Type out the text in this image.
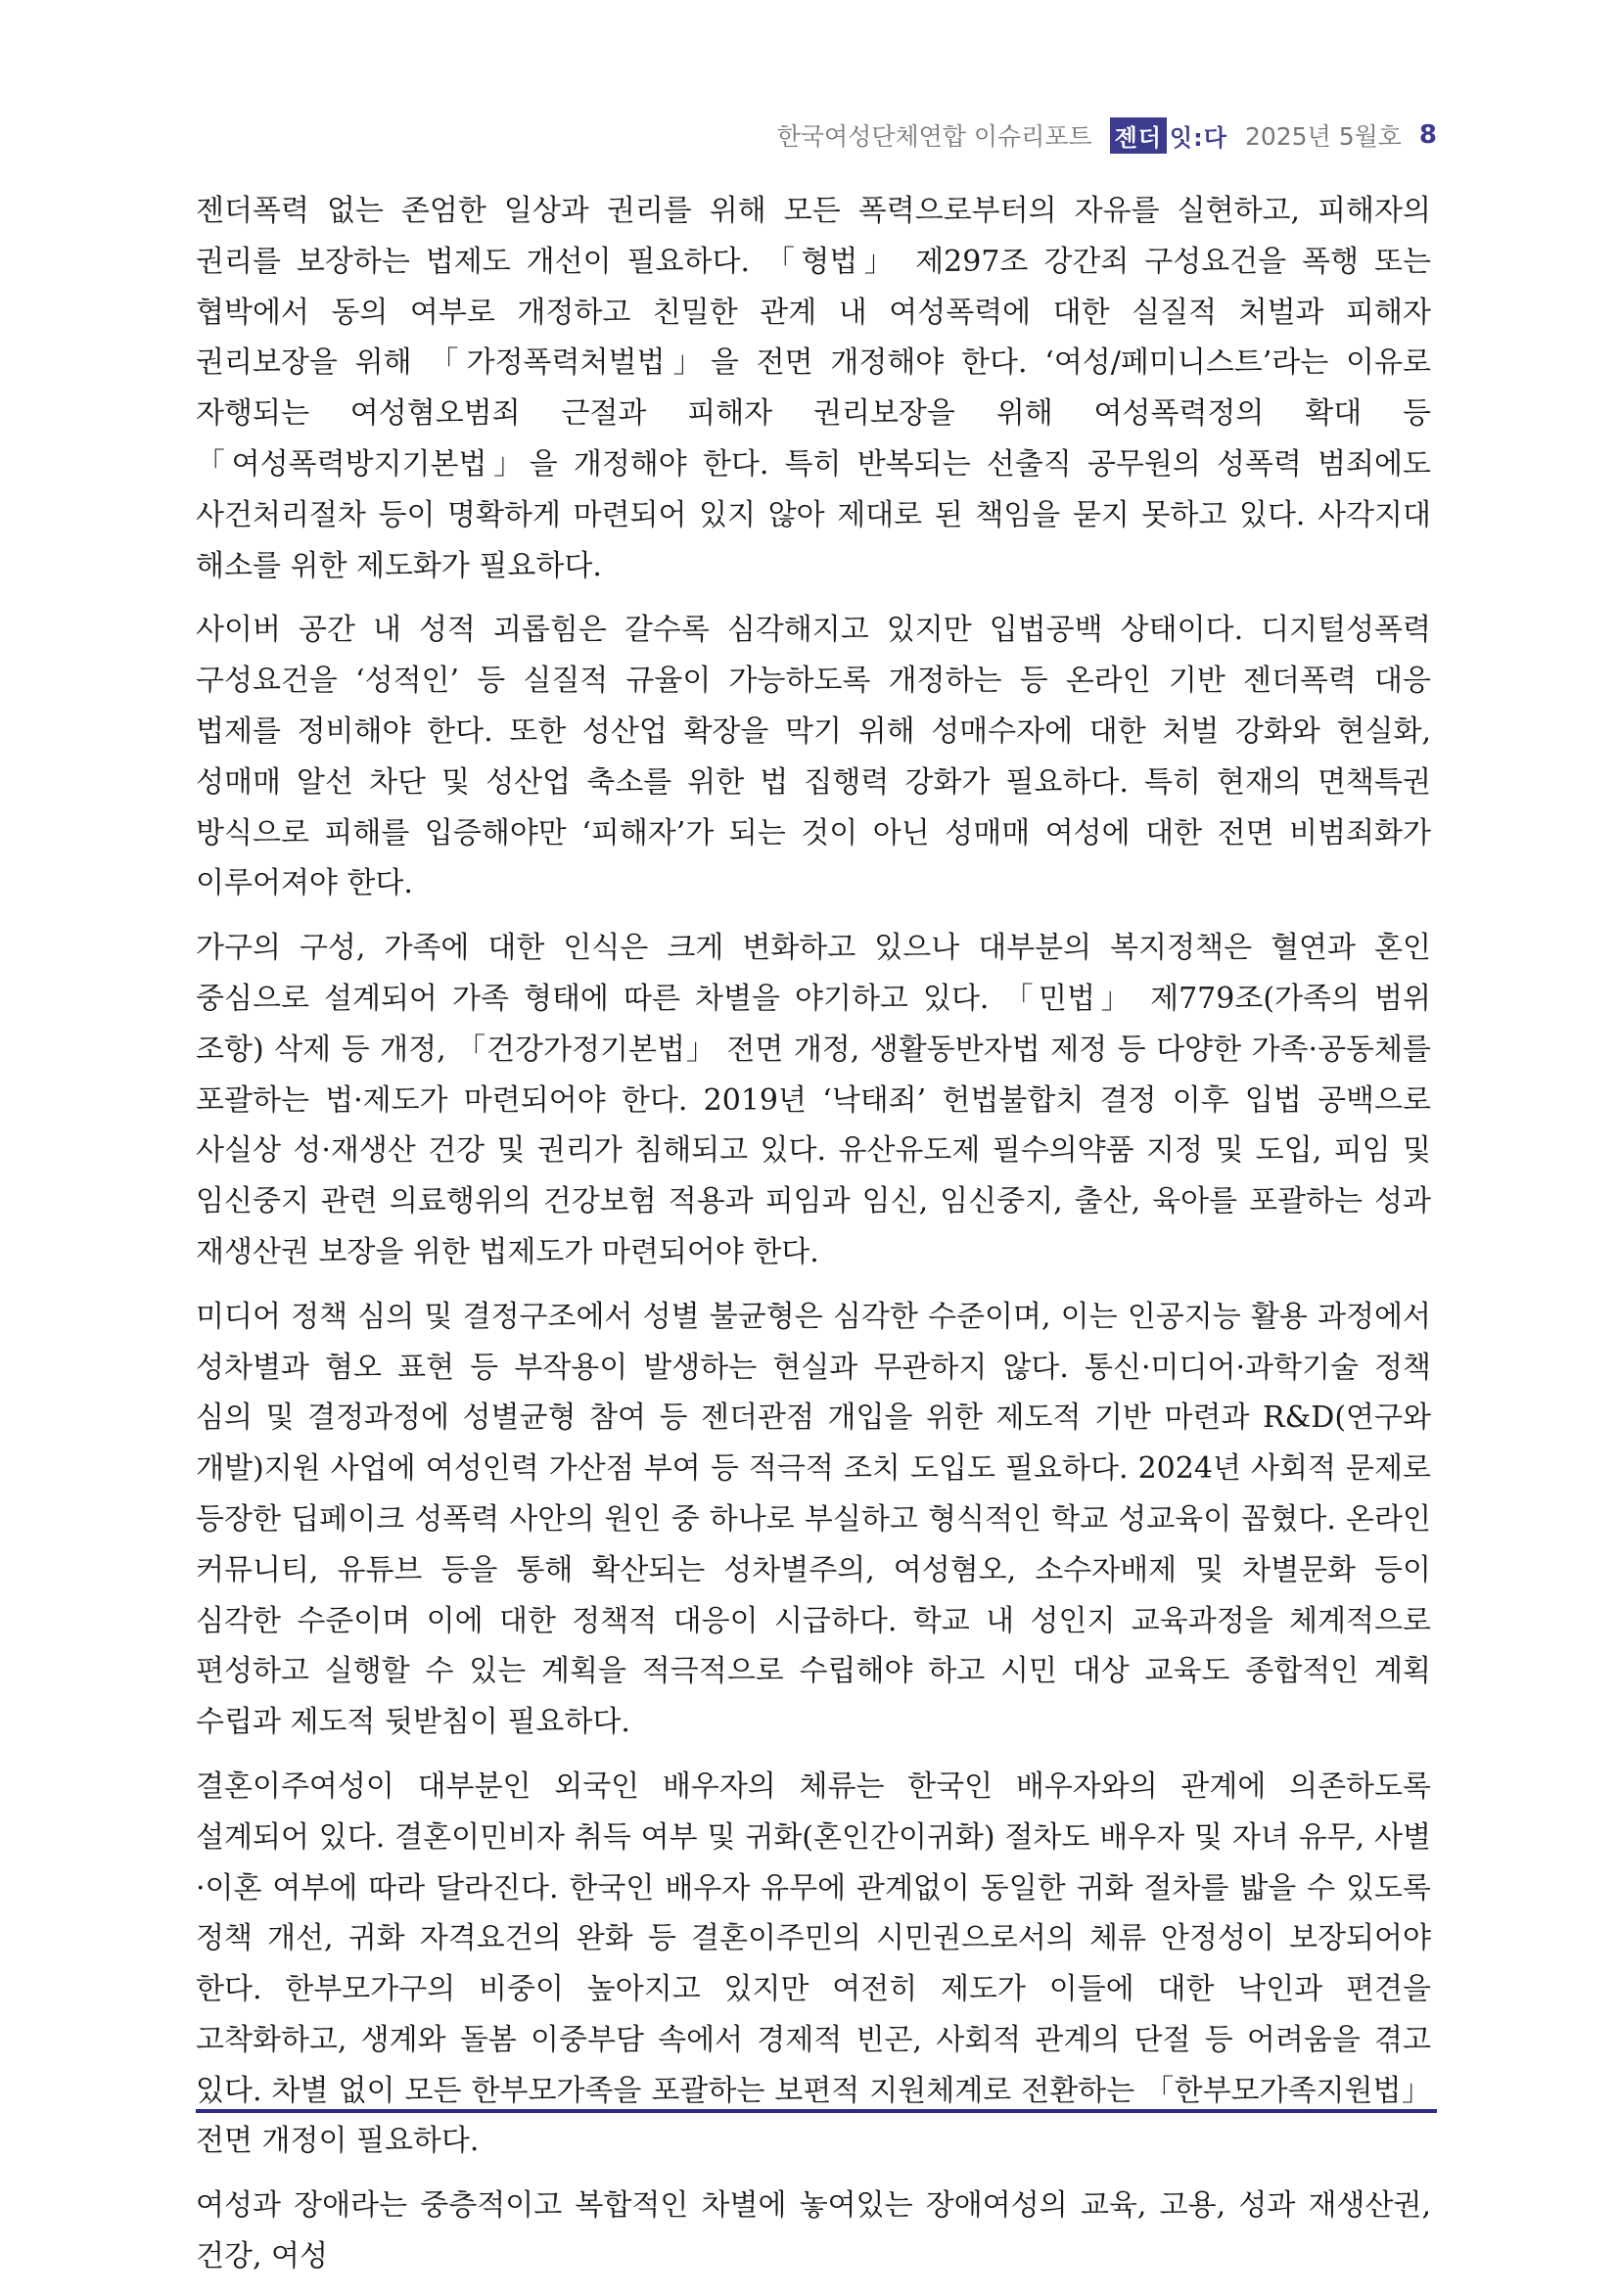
한국여성단체연합 이슈리포트 젠더 잇:다 2025년 5월호 8

젠더폭력 없는 존엄한 일상과 권리를 위해 모든 폭력으로부터의 자유를 실현하고, 피해자의 권리를 보장하는 법제도 개선이 필요하다. 「형법」 제297조 강간죄 구성요건을 폭행 또는 협박에서 동의 여부로 개정하고 친밀한 관계 내 여성폭력에 대한 실질적 처벌과 피해자 권리보장을 위해 「가정폭력처벌법」을 전면 개정해야 한다. ‘여성/페미니스트’라는 이유로 자행되는 여성혐오범죄 근절과 피해자 권리보장을 위해 여성폭력정의 확대 등 「여성폭력방지기본법」을 개정해야 한다. 특히 반복되는 선출직 공무원의 성폭력 범죄에도 사건처리절차 등이 명확하게 마련되어 있지 않아 제대로 된 책임을 묻지 못하고 있다. 사각지대 해소를 위한 제도화가 필요하다.

사이버 공간 내 성적 괴롭힘은 갈수록 심각해지고 있지만 입법공백 상태이다. 디지털성폭력 구성요건을 ‘성적인’ 등 실질적 규율이 가능하도록 개정하는 등 온라인 기반 젠더폭력 대응 법제를 정비해야 한다. 또한 성산업 확장을 막기 위해 성매수자에 대한 처벌 강화와 현실화, 성매매 알선 차단 및 성산업 축소를 위한 법 집행력 강화가 필요하다. 특히 현재의 면책특권 방식으로 피해를 입증해야만 ‘피해자’가 되는 것이 아닌 성매매 여성에 대한 전면 비범죄화가 이루어져야 한다.

가구의 구성, 가족에 대한 인식은 크게 변화하고 있으나 대부분의 복지정책은 혈연과 혼인 중심으로 설계되어 가족 형태에 따른 차별을 야기하고 있다. 「민법」 제779조(가족의 범위 조항) 삭제 등 개정, 「건강가정기본법」 전면 개정, 생활동반자법 제정 등 다양한 가족·공동체를 포괄하는 법·제도가 마련되어야 한다. 2019년 ‘낙태죄’ 헌법불합치 결정 이후 입법 공백으로 사실상 성·재생산 건강 및 권리가 침해되고 있다. 유산유도제 필수의약품 지정 및 도입, 피임 및 임신중지 관련 의료행위의 건강보험 적용과 피임과 임신, 임신중지, 출산, 육아를 포괄하는 성과 재생산권 보장을 위한 법제도가 마련되어야 한다.

미디어 정책 심의 및 결정구조에서 성별 불균형은 심각한 수준이며, 이는 인공지능 활용 과정에서 성차별과 혐오 표현 등 부작용이 발생하는 현실과 무관하지 않다. 통신·미디어·과학기술 정책 심의 및 결정과정에 성별균형 참여 등 젠더관점 개입을 위한 제도적 기반 마련과 R&D(연구와 개발)지원 사업에 여성인력 가산점 부여 등 적극적 조치 도입도 필요하다. 2024년 사회적 문제로 등장한 딥페이크 성폭력 사안의 원인 중 하나로 부실하고 형식적인 학교 성교육이 꼽혔다. 온라인 커뮤니티, 유튜브 등을 통해 확산되는 성차별주의, 여성혐오, 소수자배제 및 차별문화 등이 심각한 수준이며 이에 대한 정책적 대응이 시급하다. 학교 내 성인지 교육과정을 체계적으로 편성하고 실행할 수 있는 계획을 적극적으로 수립해야 하고 시민 대상 교육도 종합적인 계획 수립과 제도적 뒷받침이 필요하다.

결혼이주여성이 대부분인 외국인 배우자의 체류는 한국인 배우자와의 관계에 의존하도록 설계되어 있다. 결혼이민비자 취득 여부 및 귀화(혼인간이귀화) 절차도 배우자 및 자녀 유무, 사별·이혼 여부에 따라 달라진다. 한국인 배우자 유무에 관계없이 동일한 귀화 절차를 밟을 수 있도록 정책 개선, 귀화 자격요건의 완화 등 결혼이주민의 시민권으로서의 체류 안정성이 보장되어야 한다. 한부모가구의 비중이 높아지고 있지만 여전히 제도가 이들에 대한 낙인과 편견을 고착화하고, 생계와 돌봄 이중부담 속에서 경제적 빈곤, 사회적 관계의 단절 등 어려움을 겪고 있다. 차별 없이 모든 한부모가족을 포괄하는 보편적 지원체계로 전환하는 「한부모가족지원법」 전면 개정이 필요하다.

여성과 장애라는 중층적이고 복합적인 차별에 놓여있는 장애여성의 교육, 고용, 성과 재생산권, 건강, 여성
